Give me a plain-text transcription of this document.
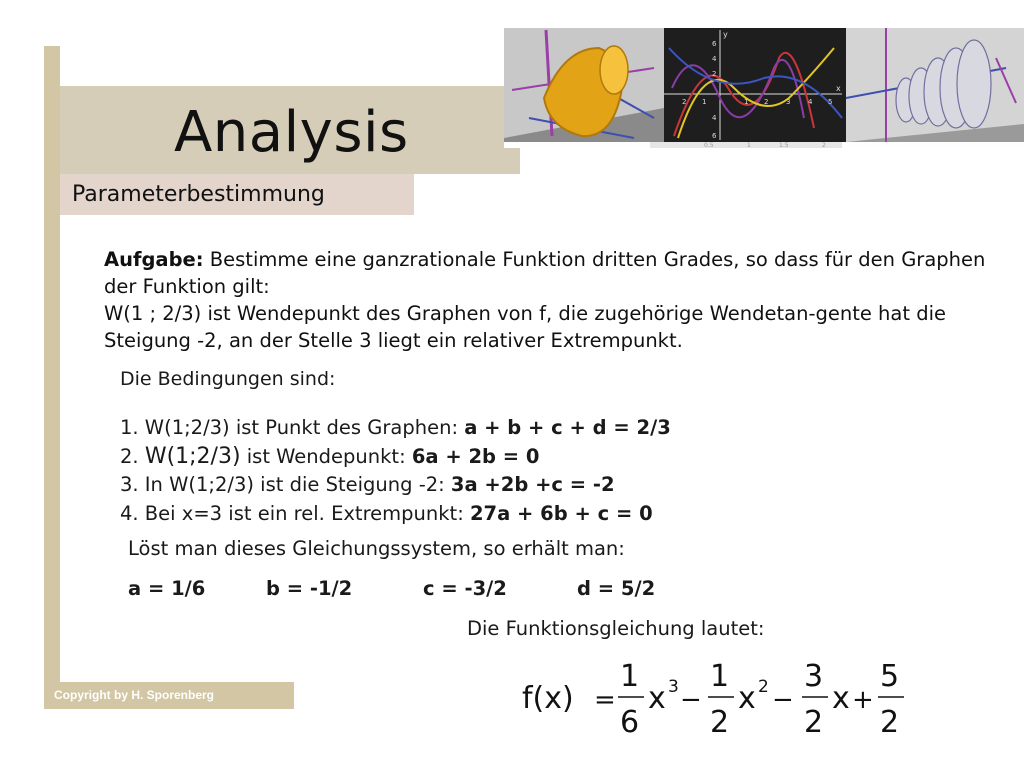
Analysis
Parameterbestimmung
x
y
2 1	1 2	3	4 5
6
4
2
4
6
0.5	1	1.5	2
Aufgabe: Bestimme eine ganzrationale Funktion dritten Grades, so dass für den Graphen der Funktion gilt:
W(1 ; 2/3) ist Wendepunkt des Graphen von f, die zugehörige Wendetan-gente hat die Steigung -2, an der Stelle 3 liegt ein relativer Extrempunkt.
Die Bedingungen sind:
1. W(1;2/3) ist Punkt des Graphen: a + b + c + d = 2/3
2. W(1;2/3) ist Wendepunkt: 6a + 2b = 0
3. In W(1;2/3) ist die Steigung -2: 3a +2b +c = -2
4. Bei x=3 ist ein rel. Extrempunkt: 27a + 6b + c = 0
Löst man dieses Gleichungssystem, so erhält man:
a = 1/6	b = -1/2	c = -3/2	d = 5/2
Die Funktionsgleichung lautet:
f(x) =
1
6
x 3 −
1
2
x 2 −
3
2
x +
5
2
Copyright by H. Sporenberg
